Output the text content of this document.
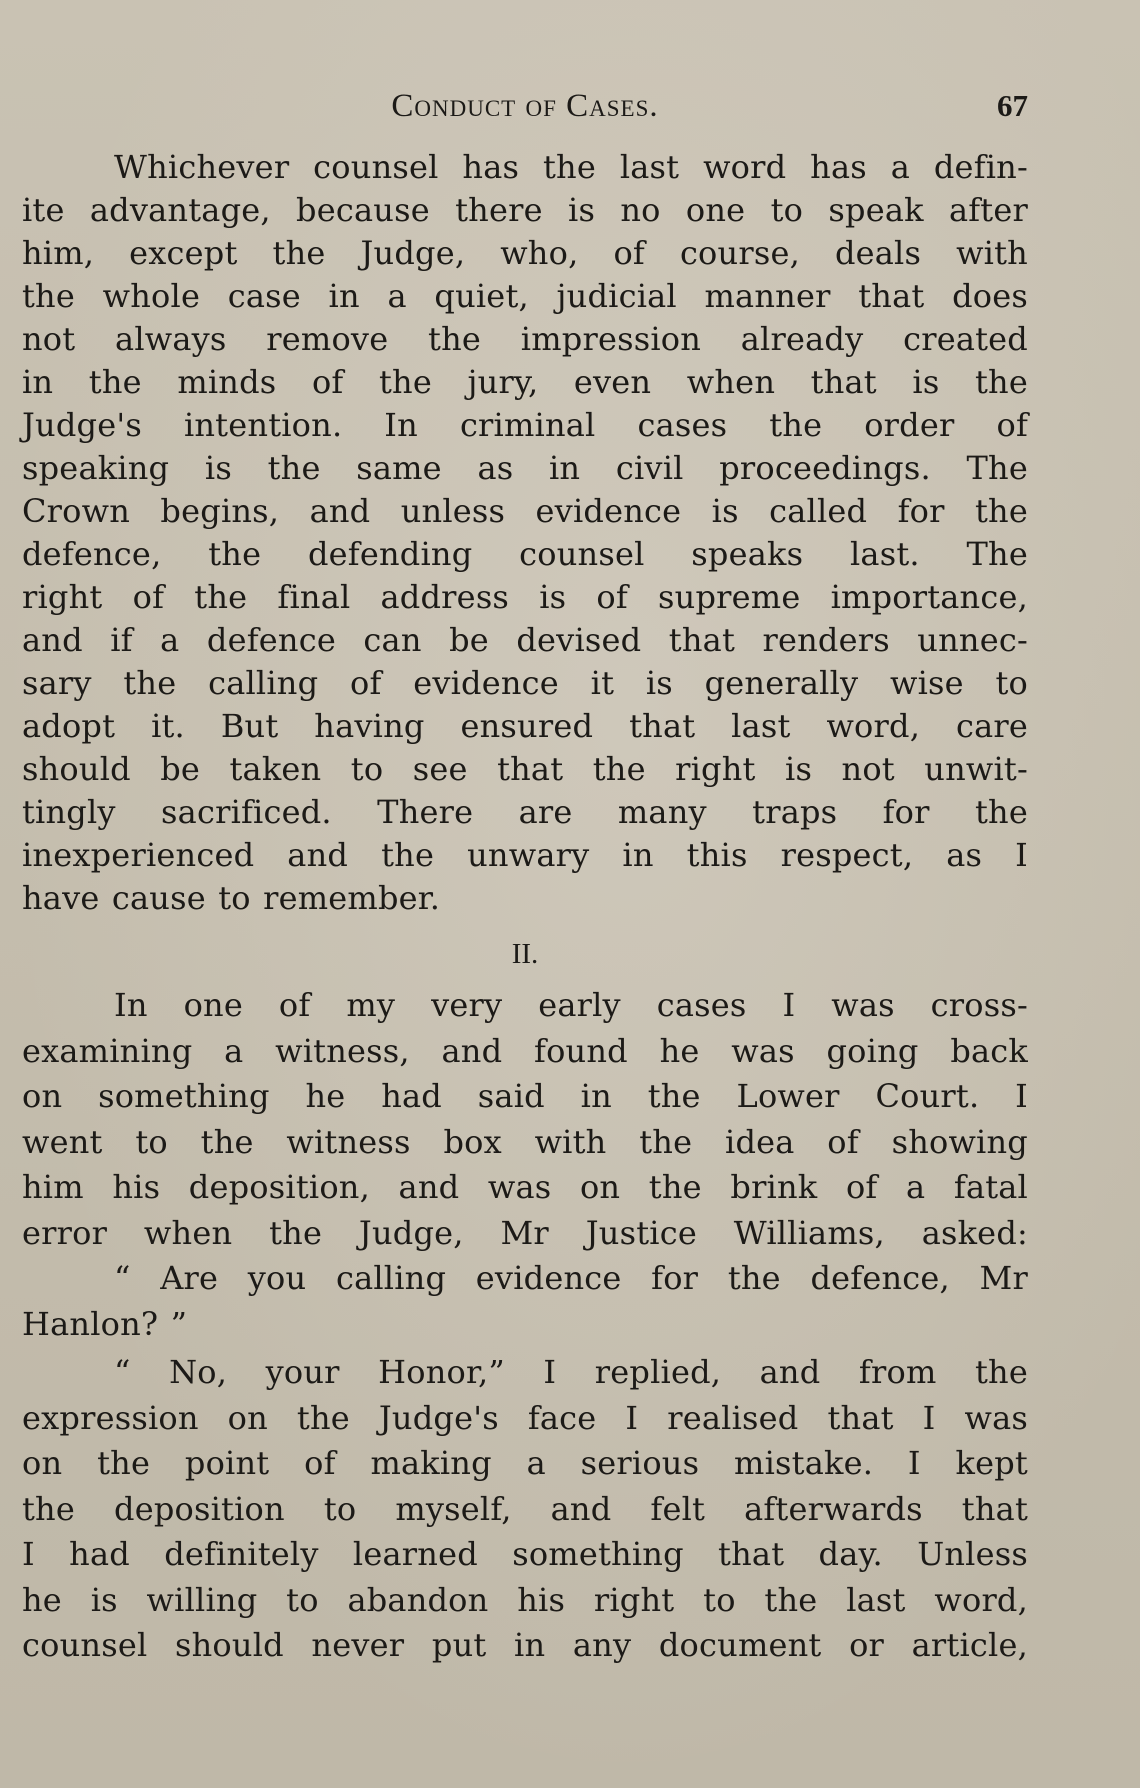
Conduct of Cases.	67
Whichever counsel has the last word has a defin-
ite advantage, because there is no one to speak after
him, except the Judge, who, of course, deals with
the whole case in a quiet, judicial manner that does
not always remove the impression already created
in the minds of the jury, even when that is the
Judge's intention. In criminal cases the order of
speaking is the same as in civil proceedings. The
Crown begins, and unless evidence is called for the
defence, the defending counsel speaks last. The
right of the final address is of supreme importance,
and if a defence can be devised that renders unnec-
sary the calling of evidence it is generally wise to
adopt it. But having ensured that last word, care
should be taken to see that the right is not unwit-
tingly sacrificed. There are many traps for the
inexperienced and the unwary in this respect, as I
have cause to remember.
II.
In one of my very early cases I was cross-
examining a witness, and found he was going back
on something he had said in the Lower Court. I
went to the witness box with the idea of showing
him his deposition, and was on the brink of a fatal
error when the Judge, Mr Justice Williams, asked:
“ Are you calling evidence for the defence, Mr
Hanlon? ”
“ No, your Honor,” I replied, and from the
expression on the Judge's face I realised that I was
on the point of making a serious mistake. I kept
the deposition to myself, and felt afterwards that
I had definitely learned something that day. Unless
he is willing to abandon his right to the last word,
counsel should never put in any document or article,
